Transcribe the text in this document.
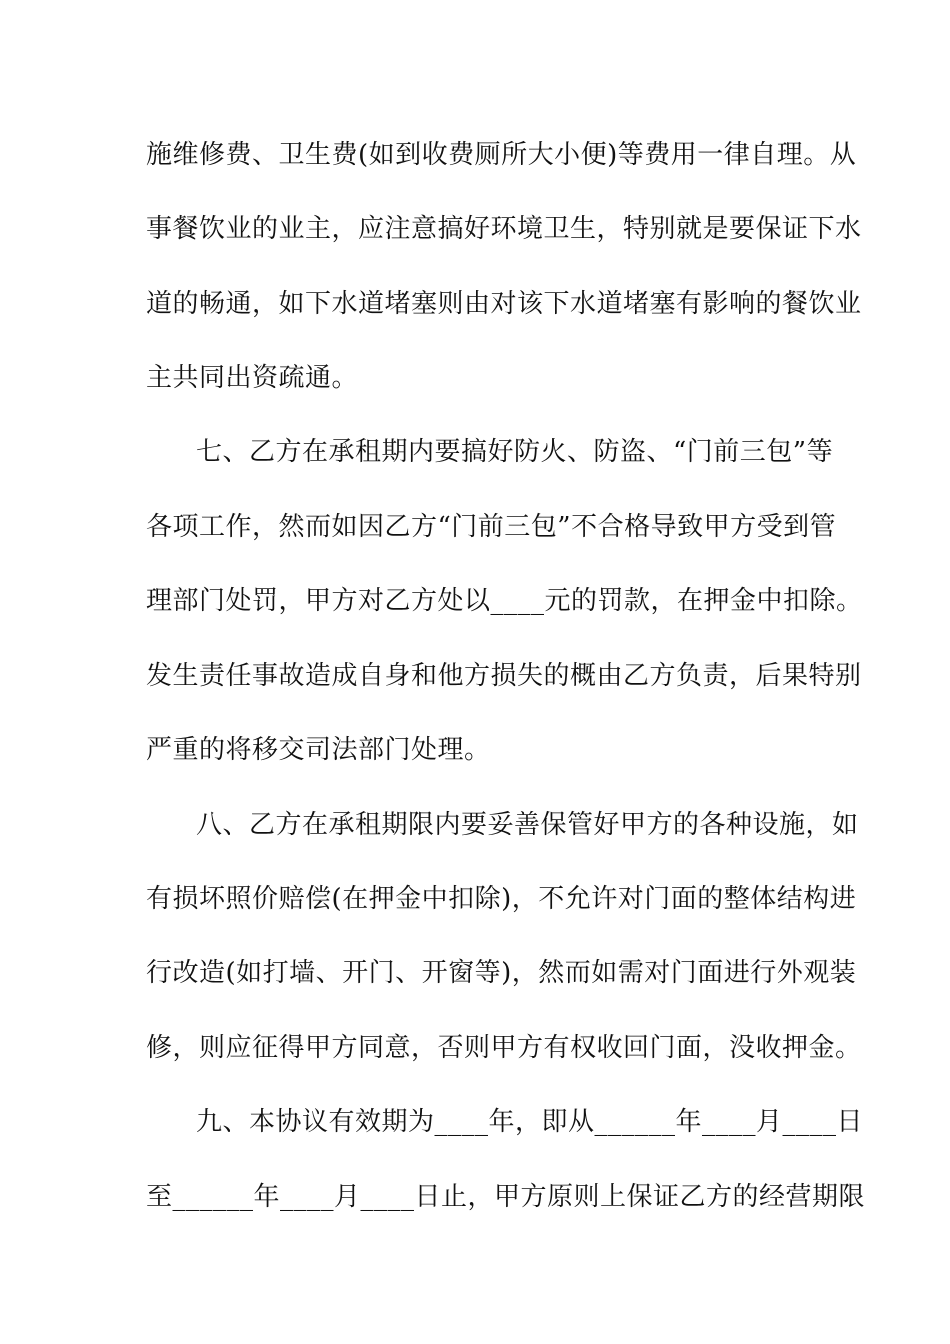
施维修费、卫生费(如到收费厕所大小便)等费用一律自理。从
事餐饮业的业主，应注意搞好环境卫生，特别就是要保证下水
道的畅通，如下水道堵塞则由对该下水道堵塞有影响的餐饮业
主共同出资疏通。
七、乙方在承租期内要搞好防火、防盗、“门前三包”等
各项工作，然而如因乙方“门前三包”不合格导致甲方受到管
理部门处罚，甲方对乙方处以____元的罚款，在押金中扣除。
发生责任事故造成自身和他方损失的概由乙方负责，后果特别
严重的将移交司法部门处理。
八、乙方在承租期限内要妥善保管好甲方的各种设施，如
有损坏照价赔偿(在押金中扣除)，不允许对门面的整体结构进
行改造(如打墙、开门、开窗等)，然而如需对门面进行外观装
修，则应征得甲方同意，否则甲方有权收回门面，没收押金。
九、本协议有效期为____年，即从______年____月____日
至______年____月____日止，甲方原则上保证乙方的经营期限
